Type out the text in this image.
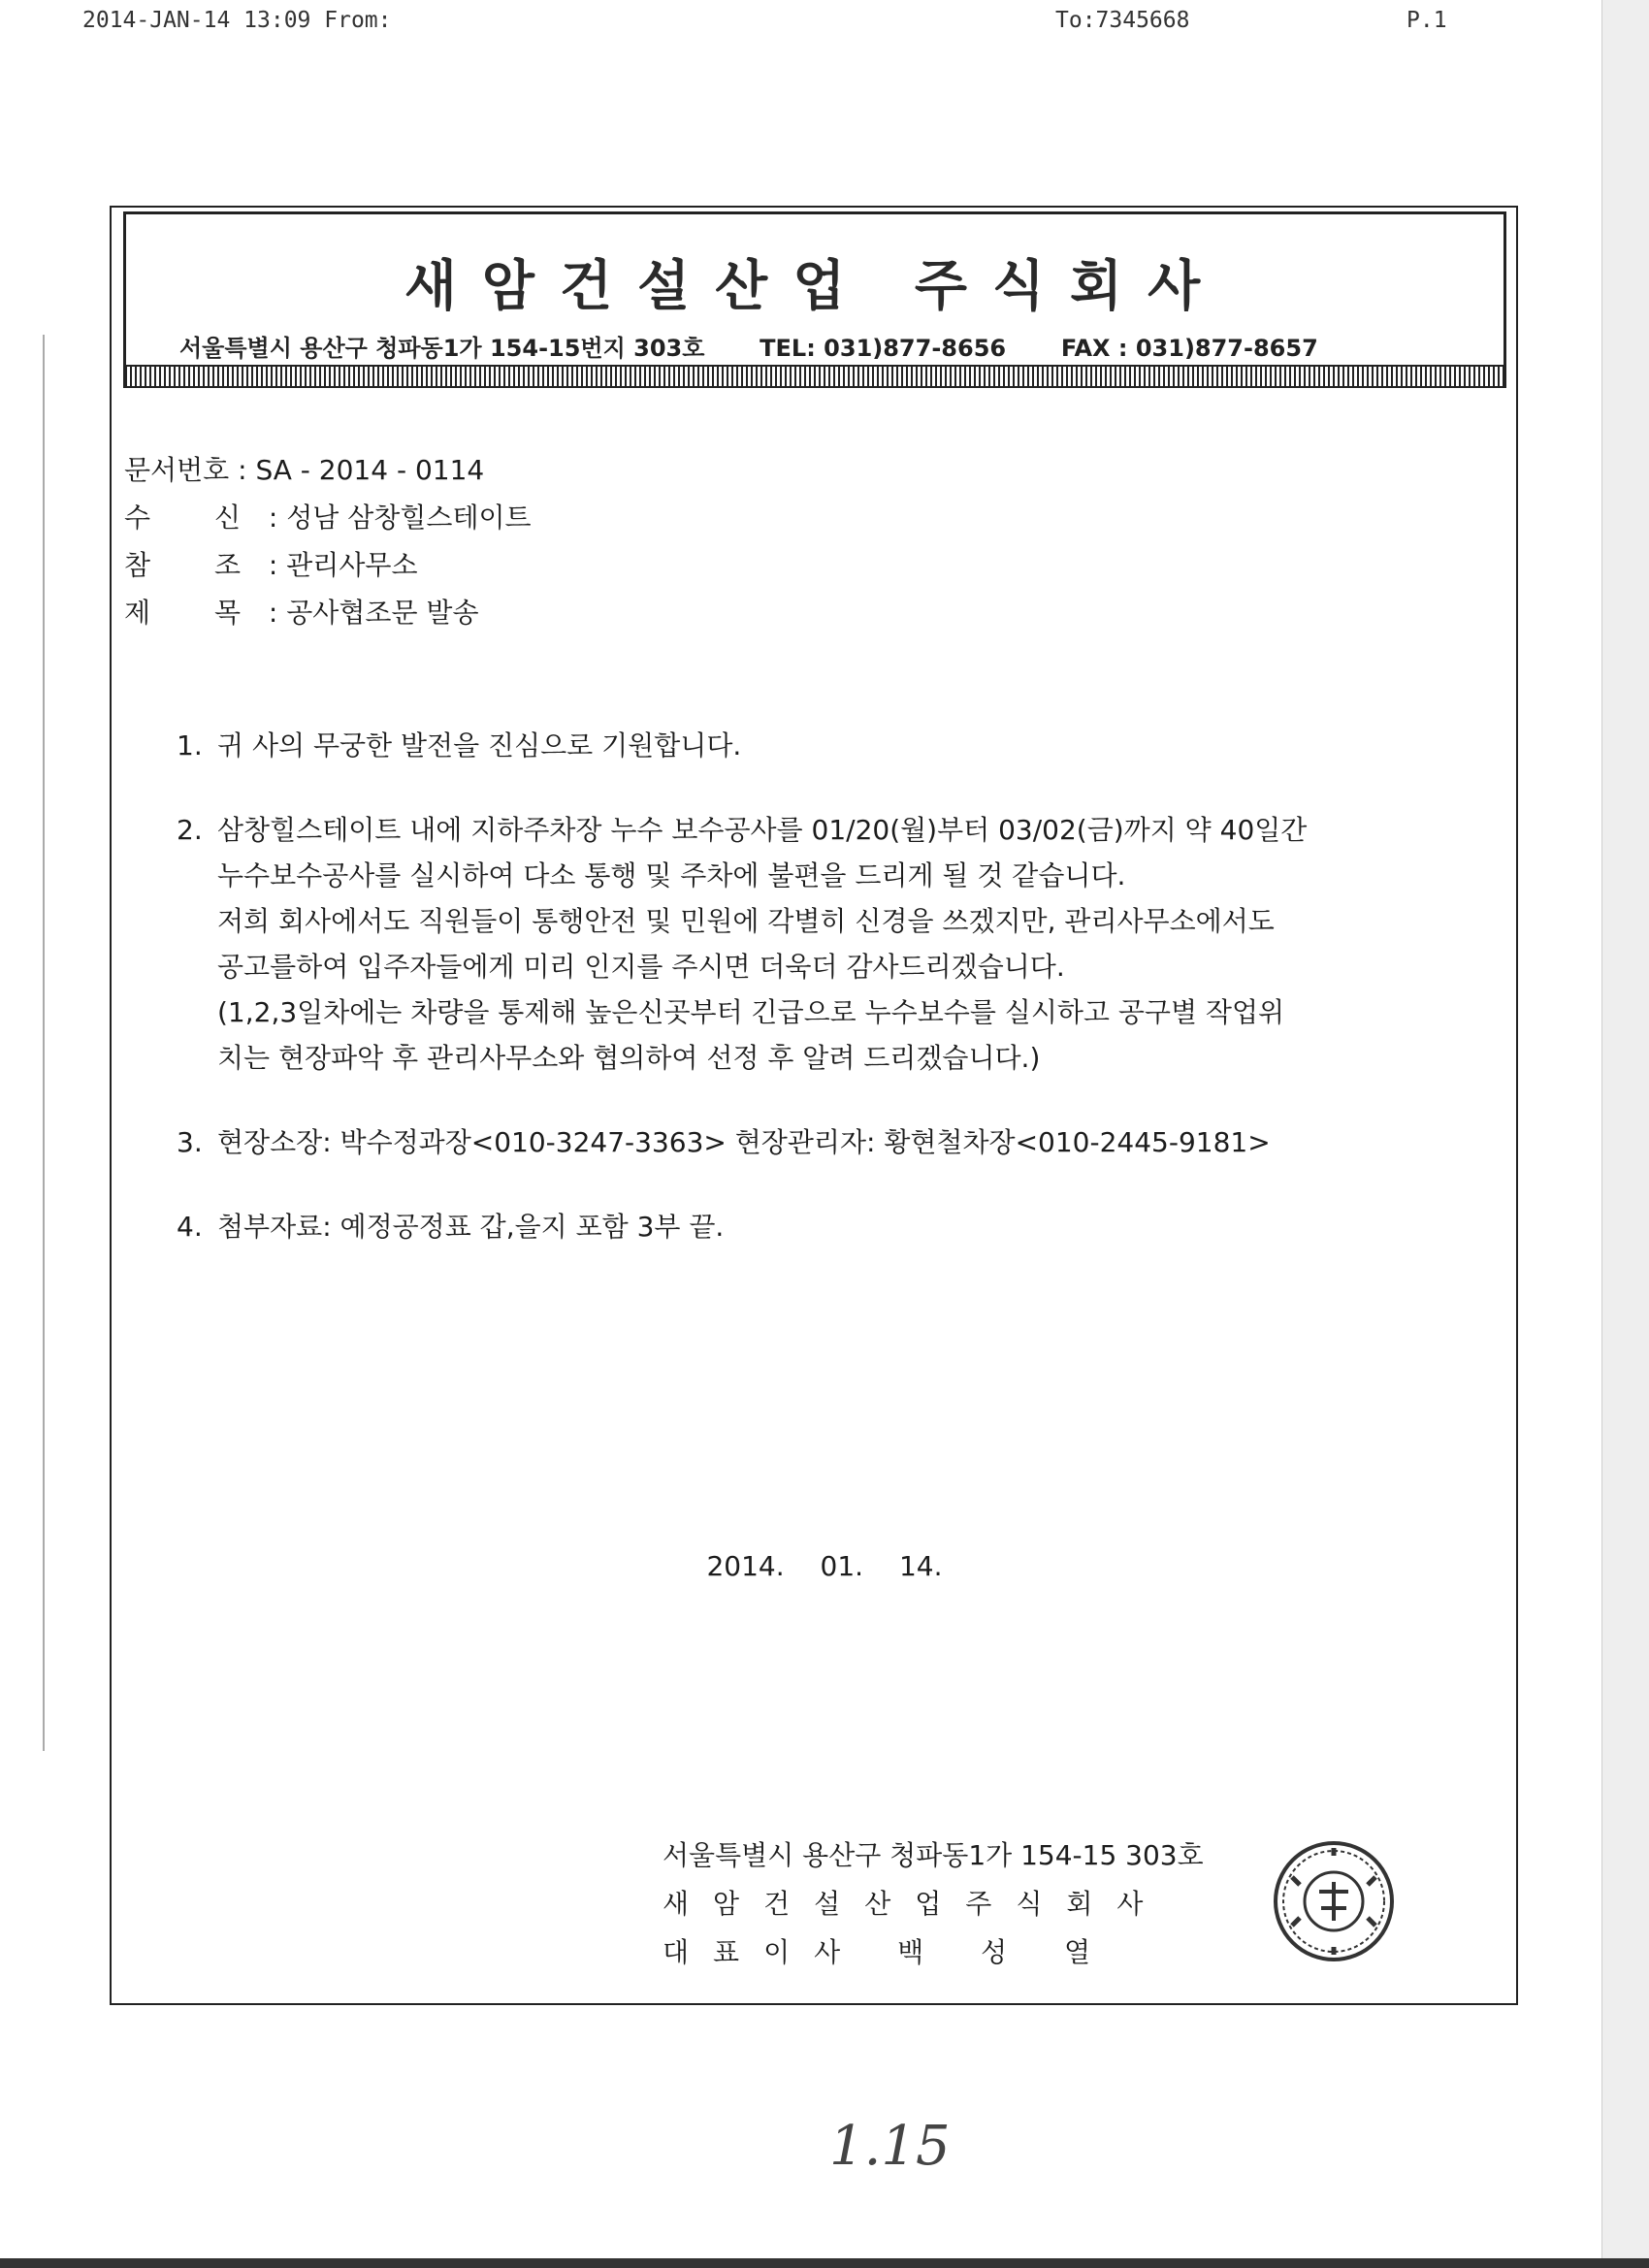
2014-JAN-14 13:09 From:	To:7345668	P.1
새암건설산업 주식회사
서울특별시 용산구 청파동1가 154-15번지 303호 TEL: 031)877-8656 FAX : 031)877-8657
문서번호 : SA - 2014 - 0114
수 신 : 성남 삼창힐스테이트
참 조 : 관리사무소
제 목 : 공사협조문 발송
1. 귀 사의 무궁한 발전을 진심으로 기원합니다.
2. 삼창힐스테이트 내에 지하주차장 누수 보수공사를 01/20(월)부터 03/02(금)까지 약 40일간
누수보수공사를 실시하여 다소 통행 및 주차에 불편을 드리게 될 것 같습니다.
저희 회사에서도 직원들이 통행안전 및 민원에 각별히 신경을 쓰겠지만, 관리사무소에서도
공고를하여 입주자들에게 미리 인지를 주시면 더욱더 감사드리겠습니다.
(1,2,3일차에는 차량을 통제해 높은신곳부터 긴급으로 누수보수를 실시하고 공구별 작업위
치는 현장파악 후 관리사무소와 협의하여 선정 후 알려 드리겠습니다.)
3. 현장소장: 박수정과장<010-3247-3363> 현장관리자: 황현철차장<010-2445-9181>
4. 첨부자료: 예정공정표 갑,을지 포함 3부 끝.
2014. 01. 14.
서울특별시 용산구 청파동1가 154-15 303호
새암건설산업주식회사
대표이사 백 성 열
1.15
